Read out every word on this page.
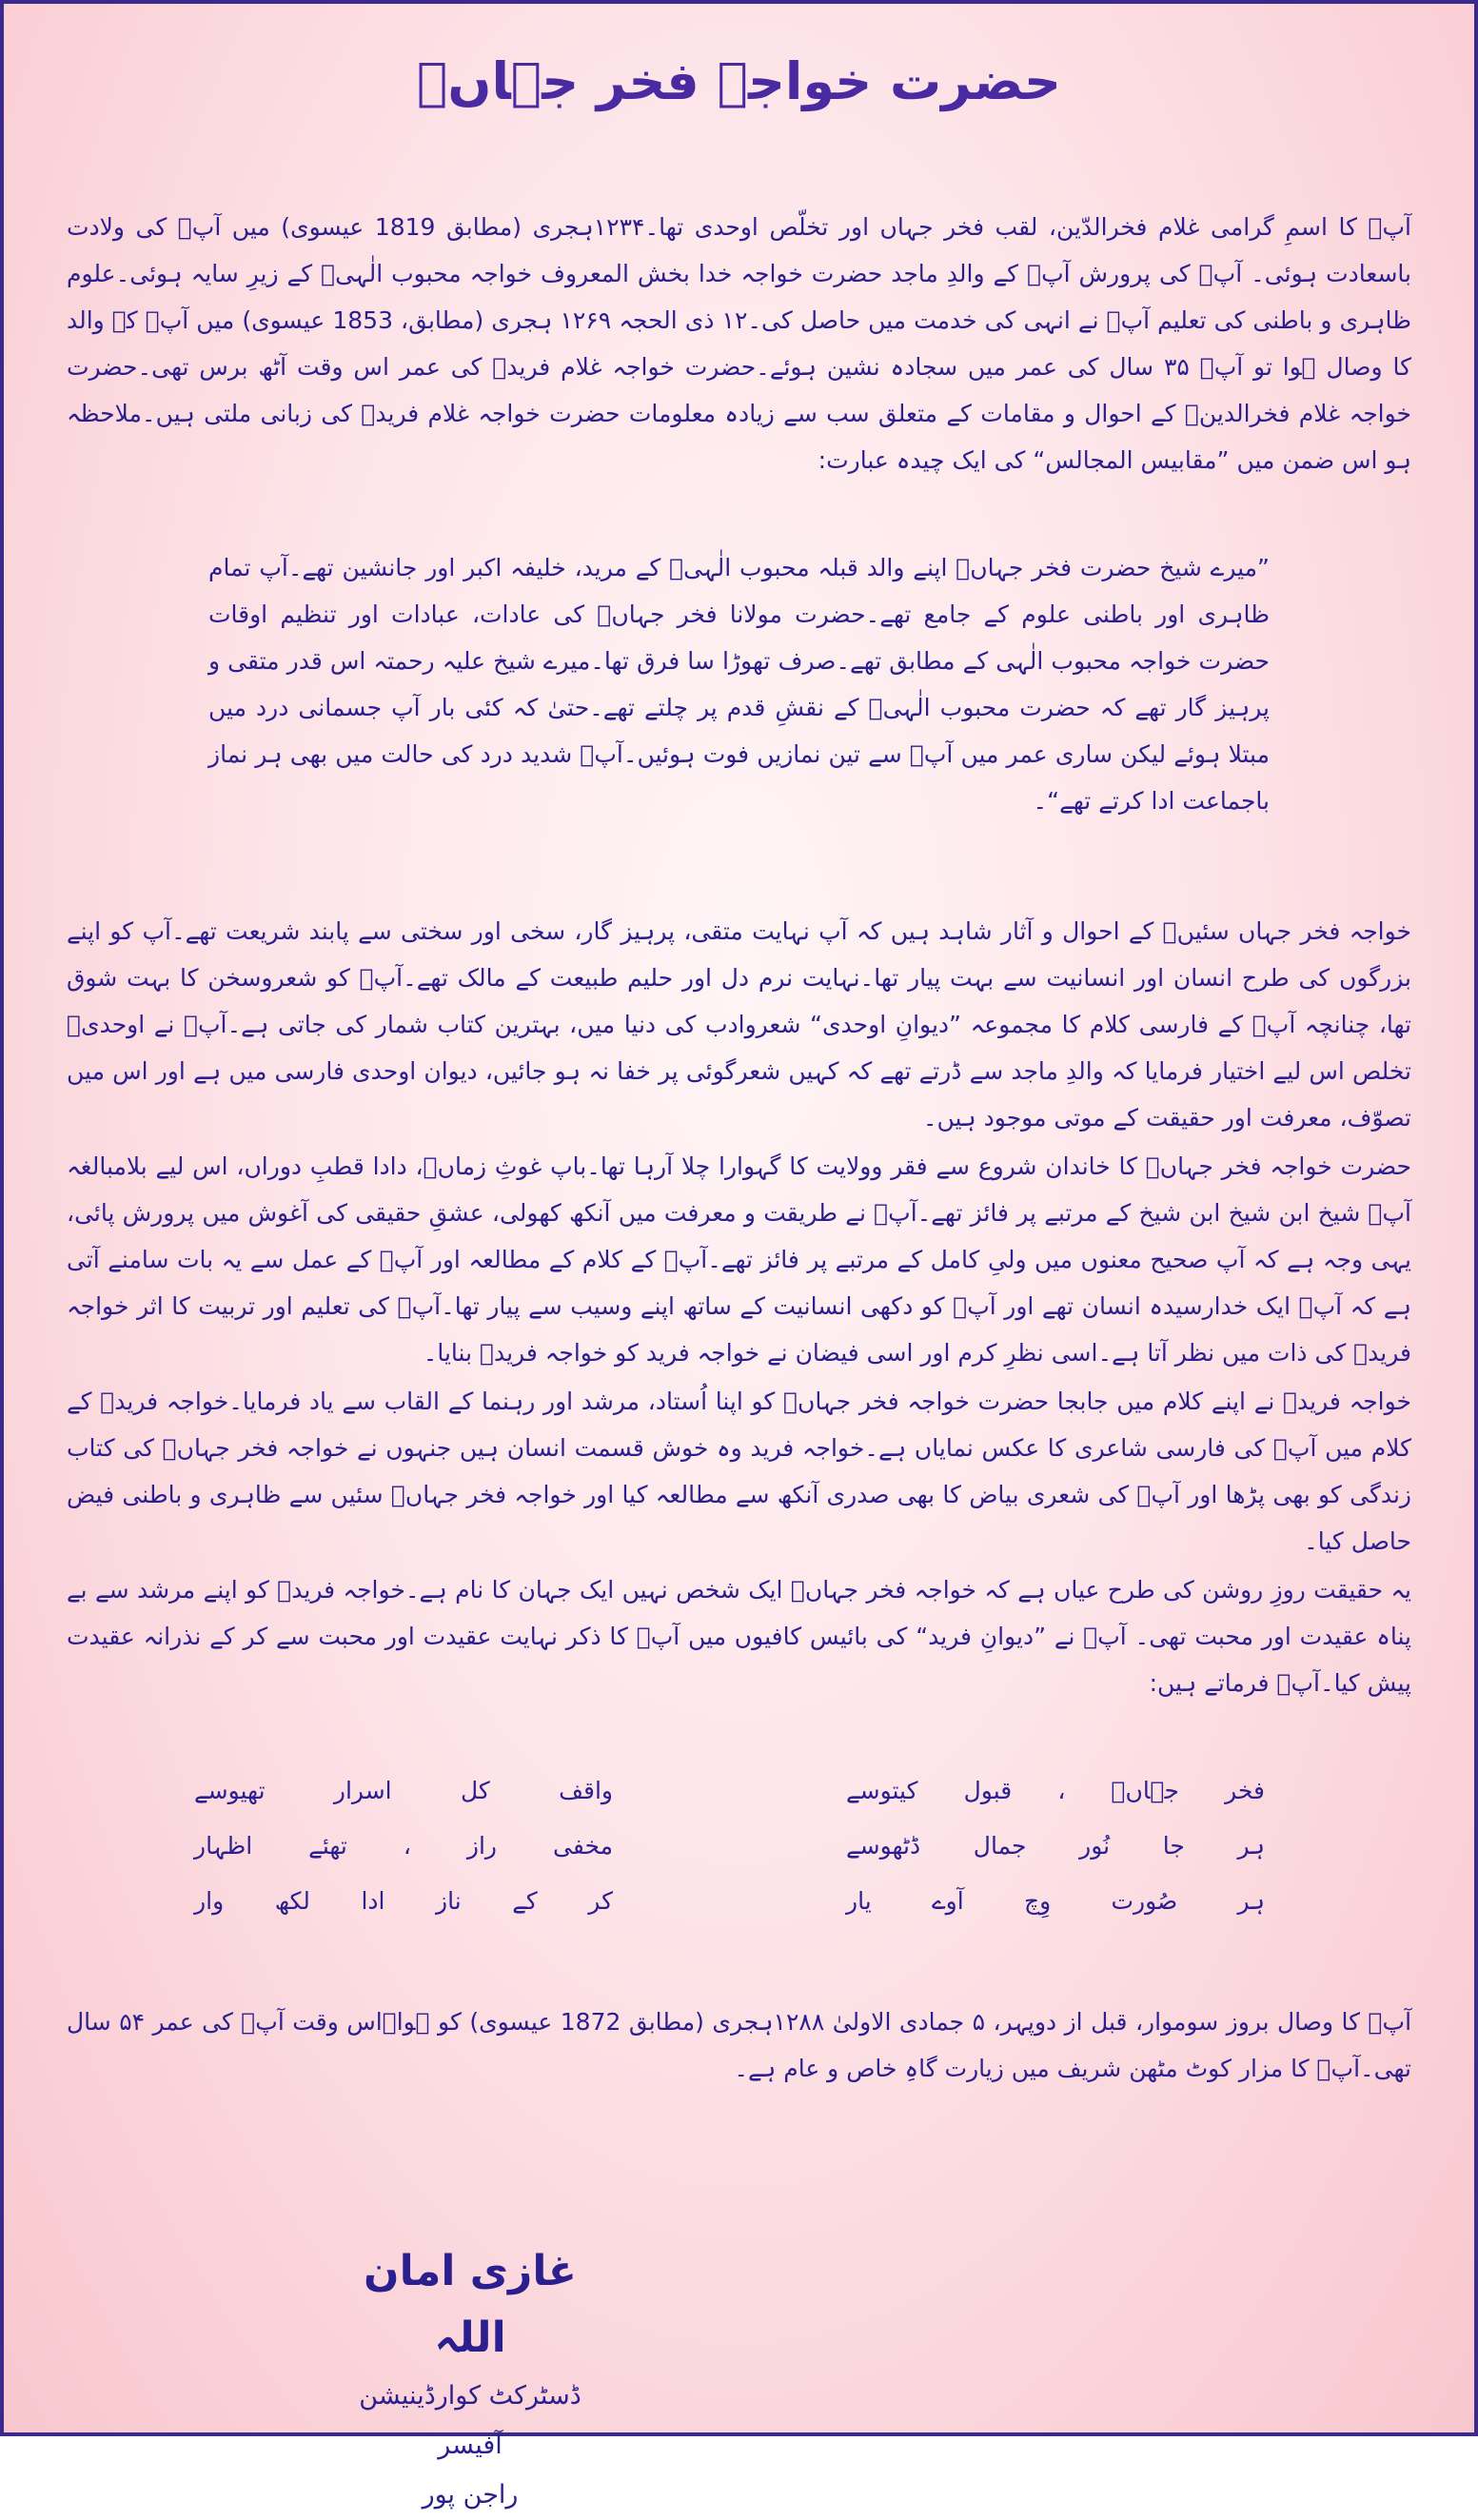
حضرت خواجہ فخر جہاںؒ

آپؒ کا اسمِ گرامی غلام فخرالدّین، لقب فخر جہاں اور تخلّص اوحدی تھا۔۱۲۳۴ہجری (مطابق 1819 عیسوی) میں آپؒ کی ولادت باسعادت ہوئی۔ آپؒ کی پرورش آپؒ کے والدِ ماجد حضرت خواجہ خدا بخش المعروف خواجہ محبوب الٰہیؒ کے زیرِ سایہ ہوئی۔علوم ظاہری و باطنی کی تعلیم آپؒ نے انہی کی خدمت میں حاصل کی۔۱۲ ذی الحجہ ۱۲۶۹ ہجری (مطابق، 1853 عیسوی) میں آپؒ کے والد کا وصال ہوا تو آپؒ ۳۵ سال کی عمر میں سجادہ نشین ہوئے۔حضرت خواجہ غلام فریدؒ کی عمر اس وقت آٹھ برس تھی۔حضرت خواجہ غلام فخرالدینؒ کے احوال و مقامات کے متعلق سب سے زیادہ معلومات حضرت خواجہ غلام فریدؒ کی زبانی ملتی ہیں۔ملاحظہ ہو اس ضمن میں ”مقابیس المجالس“ کی ایک چیدہ عبارت:

”میرے شیخ حضرت فخر جہاںؒ اپنے والد قبلہ محبوب الٰہیؒ کے مرید، خلیفہ اکبر اور جانشین تھے۔آپ تمام ظاہری اور باطنی علوم کے جامع تھے۔حضرت مولانا فخر جہاںؒ کی عادات، عبادات اور تنظیم اوقات حضرت خواجہ محبوب الٰہی کے مطابق تھے۔صرف تھوڑا سا فرق تھا۔میرے شیخ علیہ رحمتہ اس قدر متقی و پرہیز گار تھے کہ حضرت محبوب الٰہیؒ کے نقشِ قدم پر چلتے تھے۔حتیٰ کہ کئی بار آپ جسمانی درد میں مبتلا ہوئے لیکن ساری عمر میں آپؒ سے تین نمازیں فوت ہوئیں۔آپؒ شدید درد کی حالت میں بھی ہر نماز باجماعت ادا کرتے تھے“۔

خواجہ فخر جہاں سئیںؒ کے احوال و آثار شاہد ہیں کہ آپ نہایت متقی، پرہیز گار، سخی اور سختی سے پابند شریعت تھے۔آپ کو اپنے بزرگوں کی طرح انسان اور انسانیت سے بہت پیار تھا۔نہایت نرم دل اور حلیم طبیعت کے مالک تھے۔آپؒ کو شعروسخن کا بہت شوق تھا، چنانچہ آپؒ کے فارسی کلام کا مجموعہ ”دیوانِ اوحدی“ شعروادب کی دنیا میں، بہترین کتاب شمار کی جاتی ہے۔آپؒ نے اوحدیؔ تخلص اس لیے اختیار فرمایا کہ والدِ ماجد سے ڈرتے تھے کہ کہیں شعرگوئی پر خفا نہ ہو جائیں، دیوان اوحدی فارسی میں ہے اور اس میں تصوّف، معرفت اور حقیقت کے موتی موجود ہیں۔

حضرت خواجہ فخر جہاںؒ کا خاندان شروع سے فقر وولایت کا گہوارا چلا آرہا تھا۔باپ غوثِ زماںؒ، دادا قطبِ دوراں، اس لیے بلامبالغہ آپؒ شیخ ابن شیخ ابن شیخ کے مرتبے پر فائز تھے۔آپؒ نے طریقت و معرفت میں آنکھ کھولی، عشقِ حقیقی کی آغوش میں پرورش پائی، یہی وجہ ہے کہ آپ صحیح معنوں میں ولیِ کامل کے مرتبے پر فائز تھے۔آپؒ کے کلام کے مطالعہ اور آپؒ کے عمل سے یہ بات سامنے آتی ہے کہ آپؒ ایک خدارسیدہ انسان تھے اور آپؒ کو دکھی انسانیت کے ساتھ اپنے وسیب سے پیار تھا۔آپؒ کی تعلیم اور تربیت کا اثر خواجہ فریدؒ کی ذات میں نظر آتا ہے۔اسی نظرِ کرم اور اسی فیضان نے خواجہ فرید کو خواجہ فریدؒ بنایا۔

خواجہ فریدؒ نے اپنے کلام میں جابجا حضرت خواجہ فخر جہاںؒ کو اپنا اُستاد، مرشد اور رہنما کے القاب سے یاد فرمایا۔خواجہ فریدؒ کے کلام میں آپؒ کی فارسی شاعری کا عکس نمایاں ہے۔خواجہ فرید وہ خوش قسمت انسان ہیں جنہوں نے خواجہ فخر جہاںؒ کی کتاب زندگی کو بھی پڑھا اور آپؒ کی شعری بیاض کا بھی صدری آنکھ سے مطالعہ کیا اور خواجہ فخر جہاںؒ سئیں سے ظاہری و باطنی فیض حاصل کیا۔

یہ حقیقت روزِ روشن کی طرح عیاں ہے کہ خواجہ فخر جہاںؒ ایک شخص نہیں ایک جہان کا نام ہے۔خواجہ فریدؒ کو اپنے مرشد سے بے پناہ عقیدت اور محبت تھی۔ آپؒ نے ”دیوانِ فرید“ کی بائیس کافیوں میں آپؒ کا ذکر نہایت عقیدت اور محبت سے کر کے نذرانہ عقیدت پیش کیا۔آپؒ فرماتے ہیں:

فخر
جہاںؔ
،
قبول
کیتوسے
واقف
کل
اسرار
تھیوسے
ہر
جا
نُور
جمال
ڈٹھوسے
مخفی
راز
،
تھئے
اظہار
ہر
صُورت
وِچ
آوے
یار
کر
کے
ناز
ادا
لکھ
وار

آپؒ کا وصال بروز سوموار، قبل از دوپہر، ۵ جمادی الاولیٰ ۱۲۸۸ہجری (مطابق 1872 عیسوی) کو ہوا۔اس وقت آپؒ کی عمر ۵۴ سال تھی۔آپؒ کا مزار کوٹ مٹھن شریف میں زیارت گاہِ خاص و عام ہے۔

غازی امان اللہ
ڈسٹرکٹ کوارڈینیشن آفیسر
راجن پور
